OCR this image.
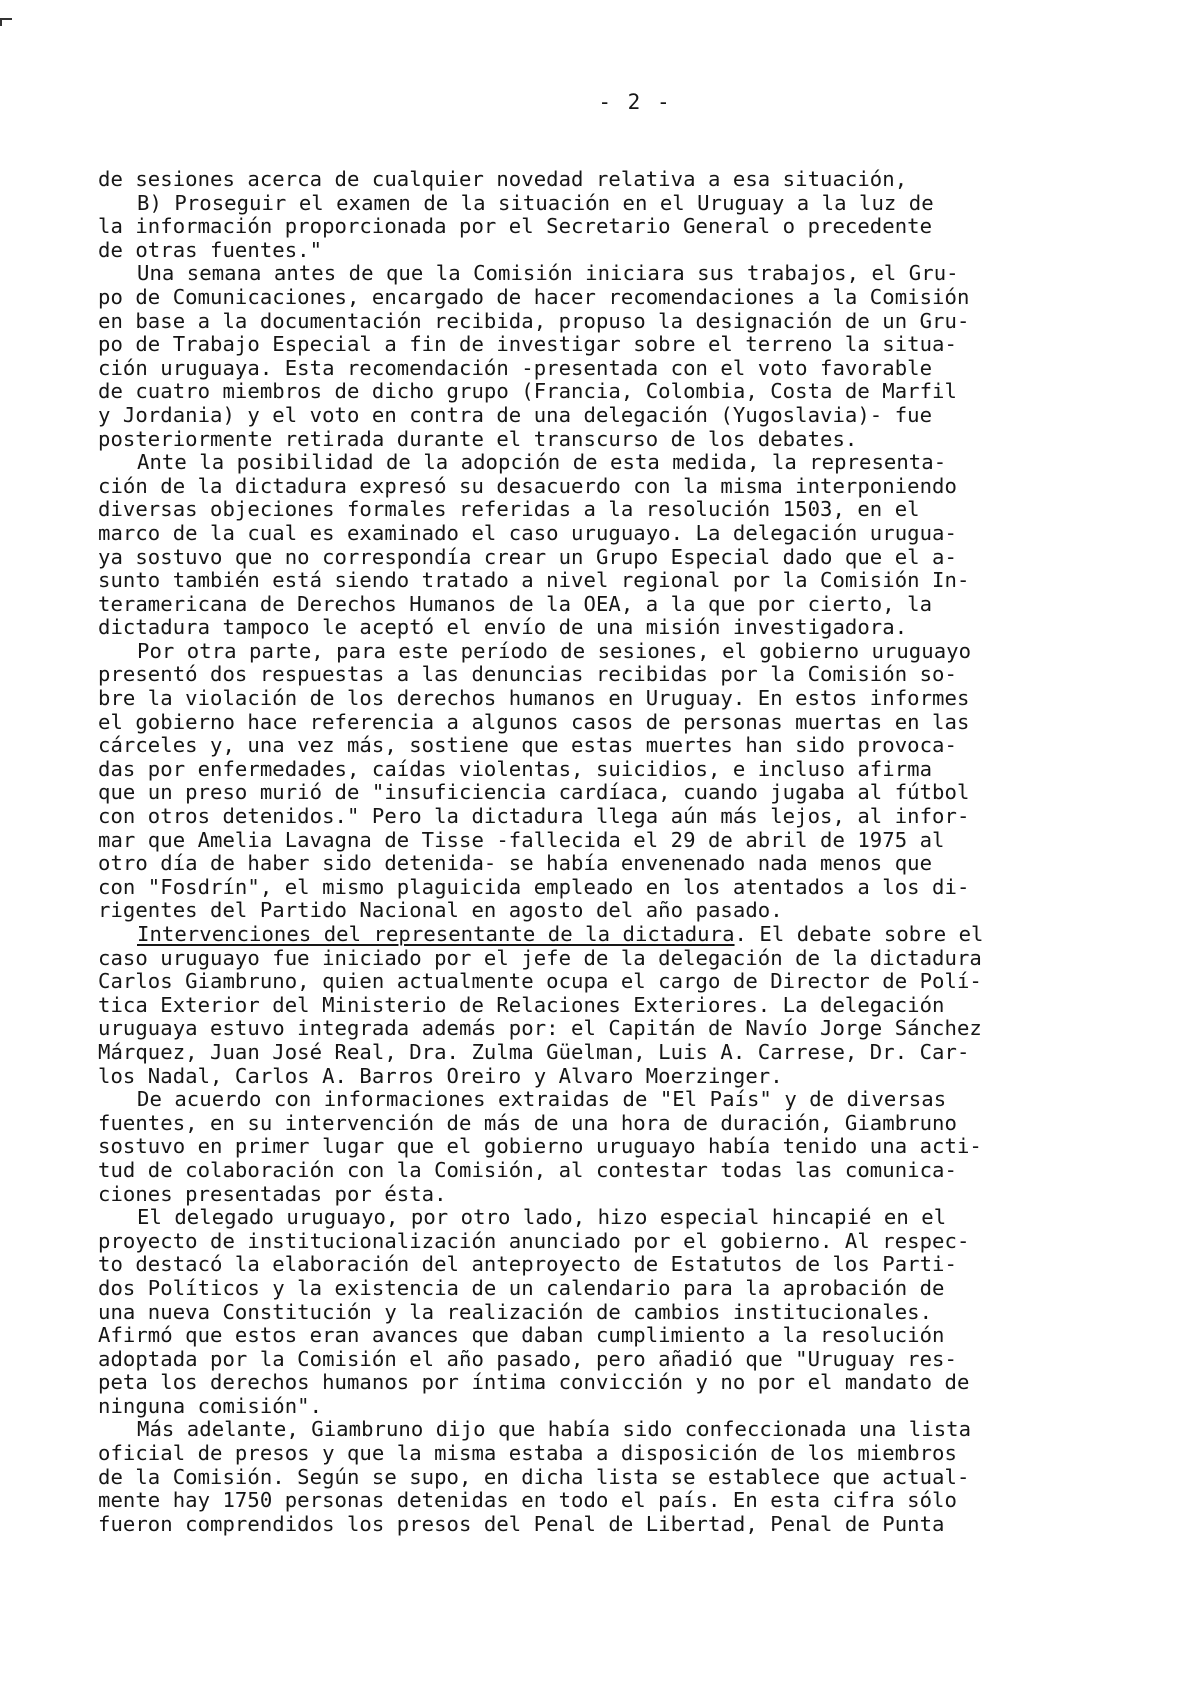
- 2 -
de sesiones acerca de cualquier novedad relativa a esa situación,
B) Proseguir el examen de la situación en el Uruguay a la luz de
la información proporcionada por el Secretario General o precedente
de otras fuentes."
Una semana antes de que la Comisión iniciara sus trabajos, el Gru-
po de Comunicaciones, encargado de hacer recomendaciones a la Comisión
en base a la documentación recibida, propuso la designación de un Gru-
po de Trabajo Especial a fin de investigar sobre el terreno la situa-
ción uruguaya. Esta recomendación -presentada con el voto favorable
de cuatro miembros de dicho grupo (Francia, Colombia, Costa de Marfil
y Jordania) y el voto en contra de una delegación (Yugoslavia)- fue
posteriormente retirada durante el transcurso de los debates.
Ante la posibilidad de la adopción de esta medida, la representa-
ción de la dictadura expresó su desacuerdo con la misma interponiendo
diversas objeciones formales referidas a la resolución 1503, en el
marco de la cual es examinado el caso uruguayo. La delegación urugua-
ya sostuvo que no correspondía crear un Grupo Especial dado que el a-
sunto también está siendo tratado a nivel regional por la Comisión In-
teramericana de Derechos Humanos de la OEA, a la que por cierto, la
dictadura tampoco le aceptó el envío de una misión investigadora.
Por otra parte, para este período de sesiones, el gobierno uruguayo
presentó dos respuestas a las denuncias recibidas por la Comisión so-
bre la violación de los derechos humanos en Uruguay. En estos informes
el gobierno hace referencia a algunos casos de personas muertas en las
cárceles y, una vez más, sostiene que estas muertes han sido provoca-
das por enfermedades, caídas violentas, suicidios, e incluso afirma
que un preso murió de "insuficiencia cardíaca, cuando jugaba al fútbol
con otros detenidos." Pero la dictadura llega aún más lejos, al infor-
mar que Amelia Lavagna de Tisse -fallecida el 29 de abril de 1975 al
otro día de haber sido detenida- se había envenenado nada menos que
con "Fosdrín", el mismo plaguicida empleado en los atentados a los di-
rigentes del Partido Nacional en agosto del año pasado.
Intervenciones del representante de la dictadura. El debate sobre el
caso uruguayo fue iniciado por el jefe de la delegación de la dictadura
Carlos Giambruno, quien actualmente ocupa el cargo de Director de Polí-
tica Exterior del Ministerio de Relaciones Exteriores. La delegación
uruguaya estuvo integrada además por: el Capitán de Navío Jorge Sánchez
Márquez, Juan José Real, Dra. Zulma Güelman, Luis A. Carrese, Dr. Car-
los Nadal, Carlos A. Barros Oreiro y Alvaro Moerzinger.
De acuerdo con informaciones extraidas de "El País" y de diversas
fuentes, en su intervención de más de una hora de duración, Giambruno
sostuvo en primer lugar que el gobierno uruguayo había tenido una acti-
tud de colaboración con la Comisión, al contestar todas las comunica-
ciones presentadas por ésta.
El delegado uruguayo, por otro lado, hizo especial hincapié en el
proyecto de institucionalización anunciado por el gobierno. Al respec-
to destacó la elaboración del anteproyecto de Estatutos de los Parti-
dos Políticos y la existencia de un calendario para la aprobación de
una nueva Constitución y la realización de cambios institucionales.
Afirmó que estos eran avances que daban cumplimiento a la resolución
adoptada por la Comisión el año pasado, pero añadió que "Uruguay res-
peta los derechos humanos por íntima convicción y no por el mandato de
ninguna comisión".
Más adelante, Giambruno dijo que había sido confeccionada una lista
oficial de presos y que la misma estaba a disposición de los miembros
de la Comisión. Según se supo, en dicha lista se establece que actual-
mente hay 1750 personas detenidas en todo el país. En esta cifra sólo
fueron comprendidos los presos del Penal de Libertad, Penal de Punta
